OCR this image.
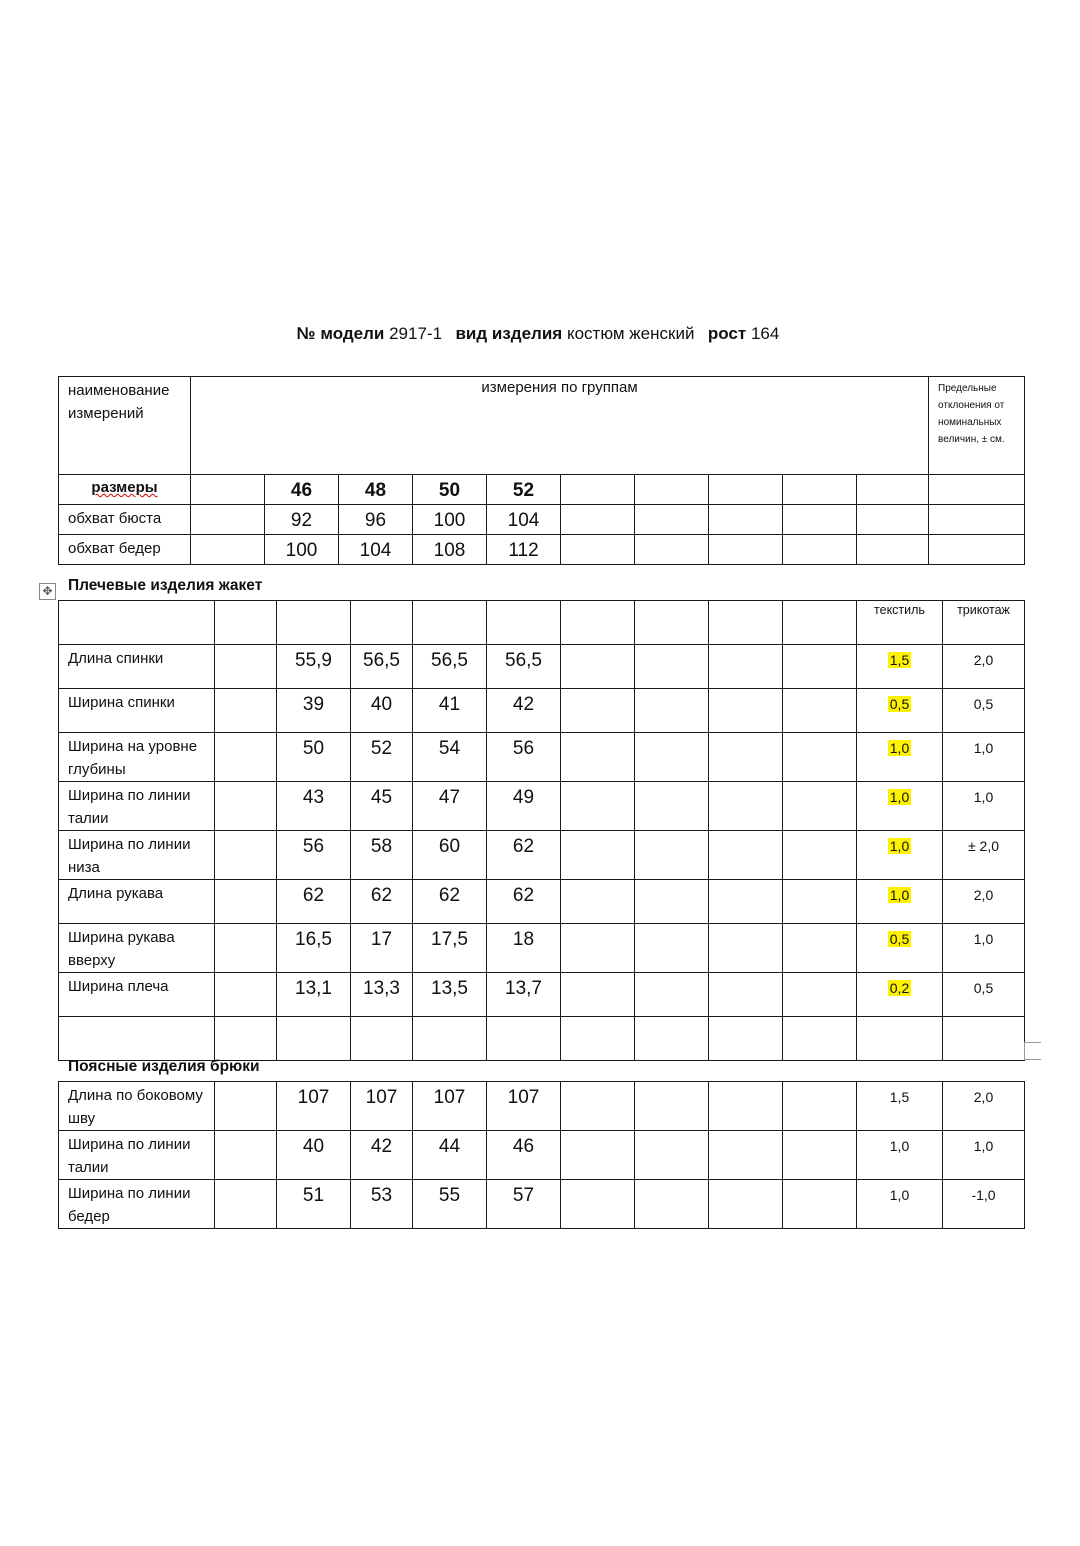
№ модели 2917-1 вид изделия костюм женский рост 164
наименование измерений	измерения по группам										Предельные отклонения от номинальных величин, ± см.
размеры		46	48	50	52						
обхват бюста		92	96	100	104						
обхват бедер		100	104	108	112						
✥ Плечевые изделия жакет
										текстиль	трикотаж
Длина спинки		55,9	56,5	56,5	56,5					1,5	2,0
Ширина спинки		39	40	41	42					0,5	0,5
Ширина на уровне глубины		50	52	54	56					1,0	1,0
Ширина по линии талии		43	45	47	49					1,0	1,0
Ширина по линии низа		56	58	60	62					1,0	± 2,0
Длина рукава		62	62	62	62					1,0	2,0
Ширина рукава вверху		16,5	17	17,5	18					0,5	1,0
Ширина плеча		13,1	13,3	13,5	13,7					0,2	0,5

Поясные изделия брюки
Длина по боковому шву		107	107	107	107					1,5	2,0
Ширина по линии талии		40	42	44	46					1,0	1,0
Ширина по линии бедер		51	53	55	57					1,0	-1,0
